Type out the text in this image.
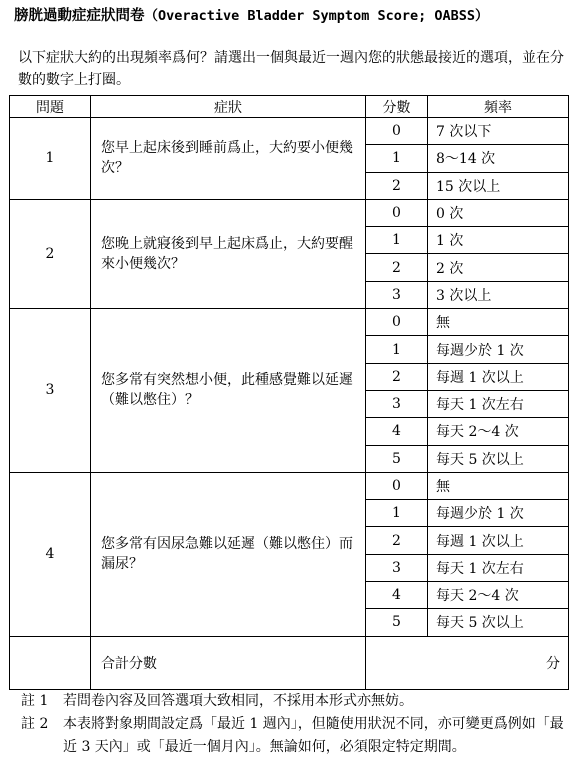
膀胱過動症症狀問卷（Overactive Bladder Symptom Score; OABSS）
以下症狀大約的出現頻率爲何？請選出一個與最近一週內您的狀態最接近的選項，並在分數的數字上打圈。
問題	症狀	分數	頻率
1	您早上起床後到睡前爲止，大約要小便幾次？	0	7 次以下
		1	8～14 次
		2	15 次以上
2	您晚上就寢後到早上起床爲止，大約要醒來小便幾次？	0	0 次
		1	1 次
		2	2 次
		3	3 次以上
3	您多常有突然想小便，此種感覺難以延遲（難以憋住）？	0	無
		1	每週少於 1 次
		2	每週 1 次以上
		3	每天 1 次左右
		4	每天 2～4 次
		5	每天 5 次以上
4	您多常有因尿急難以延遲（難以憋住）而漏尿？	0	無
		1	每週少於 1 次
		2	每週 1 次以上
		3	每天 1 次左右
		4	每天 2～4 次
		5	每天 5 次以上
	合計分數	分	
註 1	若問卷內容及回答選項大致相同，不採用本形式亦無妨。
註 2	本表將對象期間設定爲「最近 1 週內」，但隨使用狀況不同，亦可變更爲例如「最近 3 天內」或「最近一個月內」。無論如何，必須限定特定期間。
